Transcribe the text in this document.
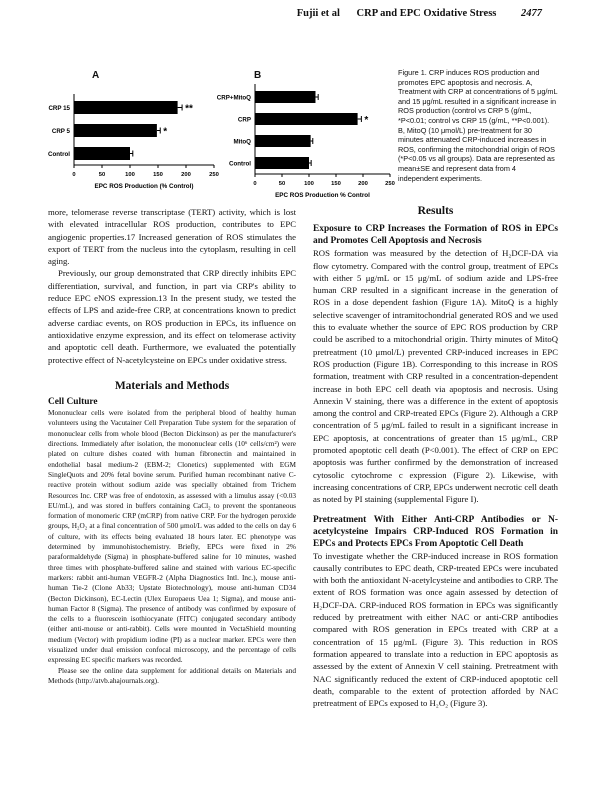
Fujii et al CRP and EPC Oxidative Stress 2477
A	B
CRP 15	**
CRP 5	*
Control
0	50	100	150	200	250
EPC ROS Production (% Control)
CRP+MitoQ
CRP	*
MitoQ
Control
0	50	100	150	200	250
EPC ROS Production % Control
Figure 1. CRP induces ROS production and promotes EPC apoptosis and necrosis. A, Treatment with CRP at concentrations of 5 μg/mL and 15 μg/mL resulted in a significant increase in ROS production (control vs CRP 5 (g/mL, *P<0.01; control vs CRP 15 (g/mL, **P<0.001). B, MitoQ (10 μmol/L) pre-treatment for 30 minutes attenuated CRP-induced increases in ROS, confirming the mitochondrial origin of ROS (*P<0.05 vs all groups). Data are represented as mean±SE and represent data from 4 independent experiments.

more, telomerase reverse transcriptase (TERT) activity, which is lost with elevated intracellular ROS production, contributes to EPC angiogenic properties.17 Increased generation of ROS stimulates the export of TERT from the nucleus into the cytoplasm, resulting in cell aging.

Previously, our group demonstrated that CRP directly inhibits EPC differentiation, survival, and function, in part via CRP's ability to reduce EPC eNOS expression.13 In the present study, we tested the effects of LPS and azide-free CRP, at concentrations known to predict adverse cardiac events, on ROS production in EPCs, its influence on antioxidative enzyme expression, and its effect on telomerase activity and apoptotic cell death. Furthermore, we evaluated the potentially protective effect of N-acetylcysteine on EPCs under oxidative stress.

Materials and Methods
Cell Culture

Mononuclear cells were isolated from the peripheral blood of healthy human volunteers using the Vacutainer Cell Preparation Tube system for the separation of mononuclear cells from whole blood (Becton Dickinson) as per the manufacturer's directions. Immediately after isolation, the mononuclear cells (10⁶ cells/cm²) were plated on culture dishes coated with human fibronectin and maintained in endothelial basal medium-2 (EBM-2; Clonetics) supplemented with EGM SingleQuots and 20% fetal bovine serum. Purified human recombinant native C-reactive protein without sodium azide was specially obtained from Trichem Resources Inc. CRP was free of endotoxin, as assessed with a limulus assay (<0.03 EU/mL), and was stored in buffers containing CaCl₂ to prevent the spontaneous formation of monomeric CRP (mCRP) from native CRP. For the hydrogen peroxide groups, H₂O₂ at a final concentration of 500 μmol/L was added to the cells on day 6 of culture, with its effects being evaluated 18 hours later. EC phenotype was determined by immunohistochemistry. Briefly, EPCs were fixed in 2% paraformaldehyde (Sigma) in phosphate-buffered saline for 10 minutes, washed three times with phosphate-buffered saline and stained with various EC-specific markers: rabbit anti-human VEGFR-2 (Alpha Diagnostics Intl. Inc.), mouse anti-human Tie-2 (Clone Ab33; Upstate Biotechnology), mouse anti-human CD34 (Becton Dickinson), EC-Lectin (Ulex Europaeus Uea 1; Sigma), and mouse anti-human Factor 8 (Sigma). The presence of antibody was confirmed by exposure of the cells to a fluorescein isothiocyanate (FITC) conjugated secondary antibody (either anti-mouse or anti-rabbit). Cells were mounted in VectaShield mounting medium (Vector) with propidium iodine (PI) as a nuclear marker. EPCs were then visualized under dual emission confocal microscopy, and the percentage of cells expressing EC specific markers was recorded.

Please see the online data supplement for additional details on Materials and Methods (http://atvb.ahajournals.org).

Results
Exposure to CRP Increases the Formation of ROS in EPCs and Promotes Cell Apoptosis and Necrosis

ROS formation was measured by the detection of H₂DCF-DA via flow cytometry. Compared with the control group, treatment of EPCs with either 5 μg/mL or 15 μg/mL of sodium azide and LPS-free human CRP resulted in a significant increase in the generation of ROS in a dose dependent fashion (Figure 1A). MitoQ is a highly selective scavenger of intramitochondrial generated ROS and we used this to evaluate whether the source of EPC ROS production by CRP could be ascribed to a mitochondrial origin. Thirty minutes of MitoQ pretreatment (10 μmol/L) prevented CRP-induced increases in EPC ROS production (Figure 1B). Corresponding to this increase in ROS formation, treatment with CRP resulted in a concentration-dependent increase in both EPC cell death via apoptosis and necrosis. Using Annexin V staining, there was a difference in the extent of apoptosis among the control and CRP-treated EPCs (Figure 2). Although a CRP concentration of 5 μg/mL failed to result in a significant increase in EPC apoptosis, at concentrations of greater than 15 μg/mL, CRP promoted apoptotic cell death (P<0.001). The effect of CRP on EPC apoptosis was further confirmed by the demonstration of increased cytosolic cytochrome c expression (Figure 2). Likewise, with increasing concentrations of CRP, EPCs underwent necrotic cell death as noted by PI staining (supplemental Figure I).

Pretreatment With Either Anti-CRP Antibodies or N-acetylcysteine Impairs CRP-Induced ROS Formation in EPCs and Protects EPCs From Apoptotic Cell Death

To investigate whether the CRP-induced increase in ROS formation causally contributes to EPC death, CRP-treated EPCs were incubated with both the antioxidant N-acetylcysteine and antibodies to CRP. The extent of ROS formation was once again assessed by detection of H₂DCF-DA. CRP-induced ROS formation in EPCs was significantly reduced by pretreatment with either NAC or anti-CRP antibodies compared with ROS generation in EPCs treated with CRP at a concentration of 15 μg/mL (Figure 3). This reduction in ROS formation appeared to translate into a reduction in EPC apoptosis as assessed by the extent of Annexin V cell staining. Pretreatment with NAC significantly reduced the extent of CRP-induced apoptotic cell death, comparable to the extent of protection afforded by NAC pretreatment of EPCs exposed to H₂O₂ (Figure 3).
